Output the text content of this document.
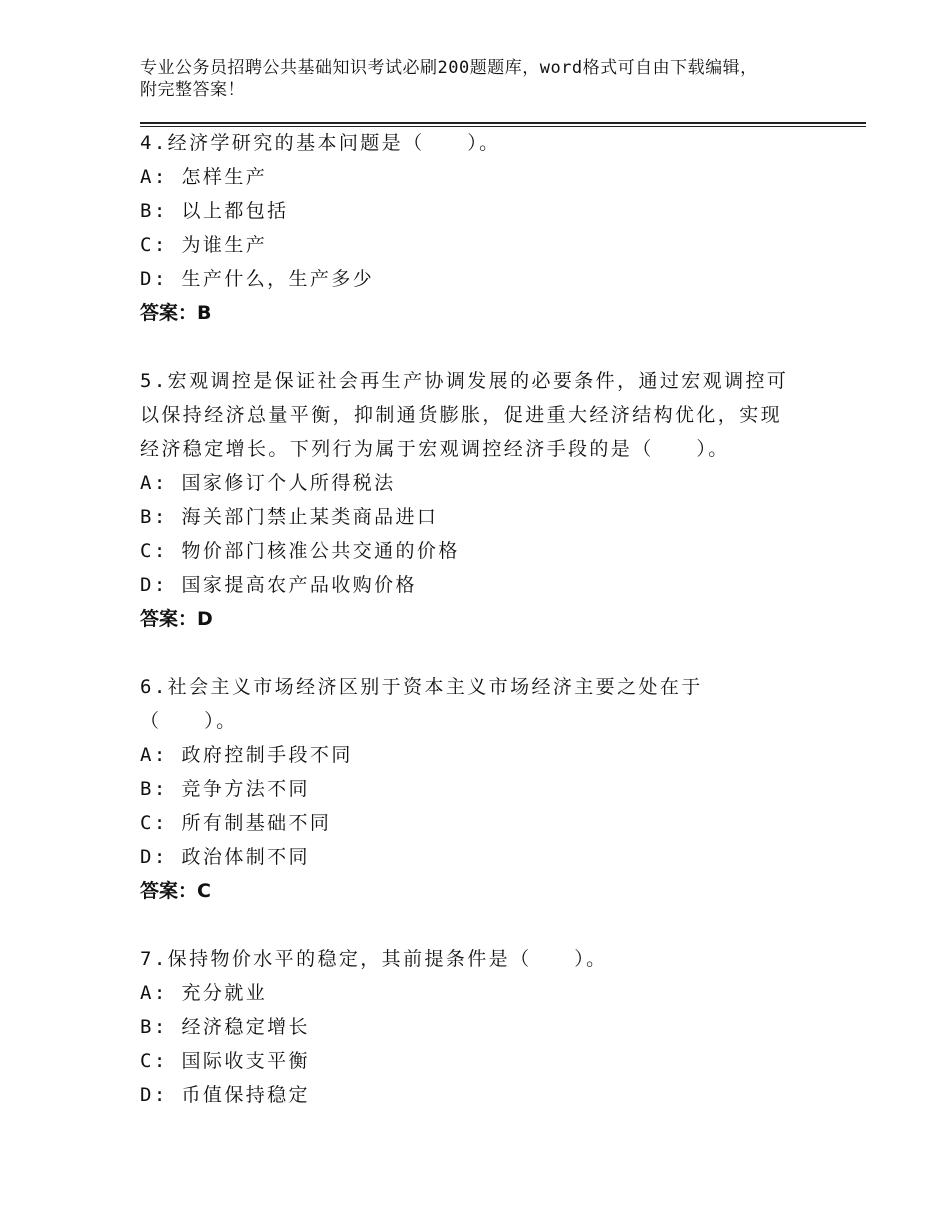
专业公务员招聘公共基础知识考试必刷200题题库，word格式可自由下载编辑，
附完整答案！

4.经济学研究的基本问题是（　　）。

A: 怎样生产

B: 以上都包括

C: 为谁生产

D: 生产什么，生产多少

答案：B

5.宏观调控是保证社会再生产协调发展的必要条件，通过宏观调控可

以保持经济总量平衡，抑制通货膨胀，促进重大经济结构优化，实现

经济稳定增长。下列行为属于宏观调控经济手段的是（　　）。

A: 国家修订个人所得税法

B: 海关部门禁止某类商品进口

C: 物价部门核准公共交通的价格

D: 国家提高农产品收购价格

答案：D

6.社会主义市场经济区别于资本主义市场经济主要之处在于

（　　）。

A: 政府控制手段不同

B: 竞争方法不同

C: 所有制基础不同

D: 政治体制不同

答案：C

7.保持物价水平的稳定，其前提条件是（　　）。

A: 充分就业

B: 经济稳定增长

C: 国际收支平衡

D: 币值保持稳定
